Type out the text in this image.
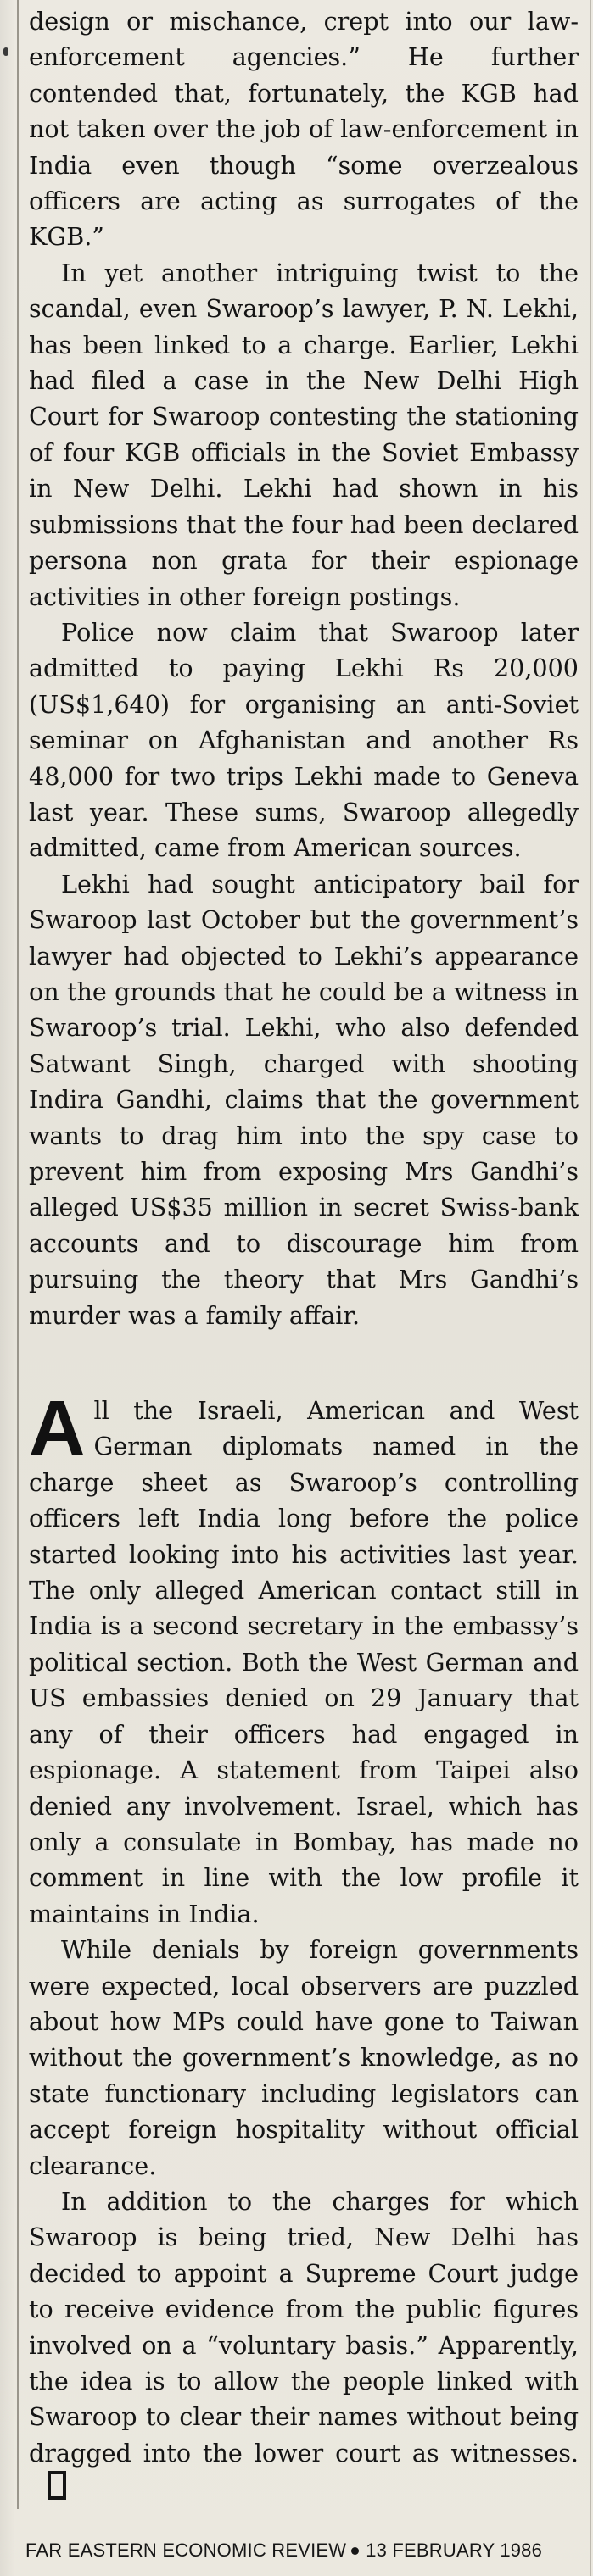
design or mischance, crept into our law-enforcement agencies.” He further contended that, fortunately, the KGB had not taken over the job of law-enforcement in India even though “some overzealous officers are acting as surrogates of the KGB.”

In yet another intriguing twist to the scandal, even Swaroop’s lawyer, P. N. Lekhi, has been linked to a charge. Earlier, Lekhi had filed a case in the New Delhi High Court for Swaroop contesting the stationing of four KGB officials in the Soviet Embassy in New Delhi. Lekhi had shown in his submissions that the four had been declared persona non grata for their espionage activities in other foreign postings.

Police now claim that Swaroop later admitted to paying Lekhi Rs 20,000 (US$1,640) for organising an anti-Soviet seminar on Afghanistan and another Rs 48,000 for two trips Lekhi made to Geneva last year. These sums, Swaroop allegedly admitted, came from American sources.

Lekhi had sought anticipatory bail for Swaroop last October but the government’s lawyer had objected to Lekhi’s appearance on the grounds that he could be a witness in Swaroop’s trial. Lekhi, who also defended Satwant Singh, charged with shooting Indira Gandhi, claims that the government wants to drag him into the spy case to prevent him from exposing Mrs Gandhi’s alleged US$35 million in secret Swiss-bank accounts and to discourage him from pursuing the theory that Mrs Gandhi’s murder was a family affair.

All the Israeli, American and West German diplomats named in the charge sheet as Swaroop’s controlling officers left India long before the police started looking into his activities last year. The only alleged American contact still in India is a second secretary in the embassy’s political section. Both the West German and US embassies denied on 29 January that any of their officers had engaged in espionage. A statement from Taipei also denied any involvement. Israel, which has only a consulate in Bombay, has made no comment in line with the low profile it maintains in India.

While denials by foreign governments were expected, local observers are puzzled about how MPs could have gone to Taiwan without the government’s knowledge, as no state functionary including legislators can accept foreign hospitality without official clearance.

In addition to the charges for which Swaroop is being tried, New Delhi has decided to appoint a Supreme Court judge to receive evidence from the public figures involved on a “voluntary basis.” Apparently, the idea is to allow the people linked with Swaroop to clear their names without being dragged into the lower court as witnesses.

FAR EASTERN ECONOMIC REVIEW 13 FEBRUARY 1986
